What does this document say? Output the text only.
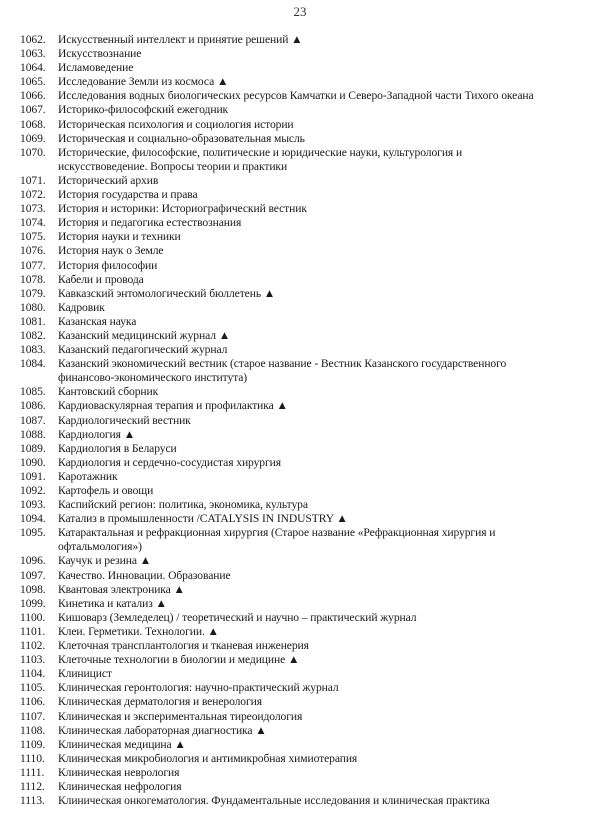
23
1062.	Искусственный интеллект и принятие решений ▲
1063.	Искусствознание
1064.	Исламоведение
1065.	Исследование Земли из космоса ▲
1066.	Исследования водных биологических ресурсов Камчатки и Северо-Западной части Тихого океана
1067.	Историко-философский ежегодник
1068.	Историческая психология и социология истории
1069.	Историческая и социально-образовательная мысль
1070.	Исторические, философские, политические и юридические науки, культурология и искусствоведение. Вопросы теории и практики
1071.	Исторический архив
1072.	История государства и права
1073.	История и историки: Историографический вестник
1074.	История и педагогика естествознания
1075.	История науки и техники
1076.	История наук о Земле
1077.	История философии
1078.	Кабели и провода
1079.	Кавказский энтомологический бюллетень ▲
1080.	Кадровик
1081.	Казанская наука
1082.	Казанский медицинский журнал ▲
1083.	Казанский педагогический журнал
1084.	Казанский экономический вестник (старое название - Вестник Казанского государственного финансово-экономического института)
1085.	Кантовский сборник
1086.	Кардиоваскулярная терапия и профилактика ▲
1087.	Кардиологический вестник
1088.	Кардиология ▲
1089.	Кардиология в Беларуси
1090.	Кардиология и сердечно-сосудистая хирургия
1091.	Каротажник
1092.	Картофель и овощи
1093.	Каспийский регион: политика, экономика, культура
1094.	Катализ в промышленности /CATALYSIS IN INDUSTRY ▲
1095.	Катарактальная и рефракционная хирургия (Старое название «Рефракционная хирургия и офтальмология»)
1096.	Каучук и резина ▲
1097.	Качество. Инновации. Образование
1098.	Квантовая электроника ▲
1099.	Кинетика и катализ ▲
1100.	Кишоварз (Земледелец) / теоретический и научно – практический журнал
1101.	Клеи. Герметики. Технологии. ▲
1102.	Клеточная трансплантология и тканевая инженерия
1103.	Клеточные технологии в биологии и медицине ▲
1104.	Клиницист
1105.	Клиническая геронтология: научно-практический журнал
1106.	Клиническая дерматология и венерология
1107.	Клиническая и экспериментальная тиреоидология
1108.	Клиническая лабораторная диагностика ▲
1109.	Клиническая медицина ▲
1110.	Клиническая микробиология и антимикробная химиотерапия
1111.	Клиническая неврология
1112.	Клиническая нефрология
1113.	Клиническая онкогематология. Фундаментальные исследования и клиническая практика
